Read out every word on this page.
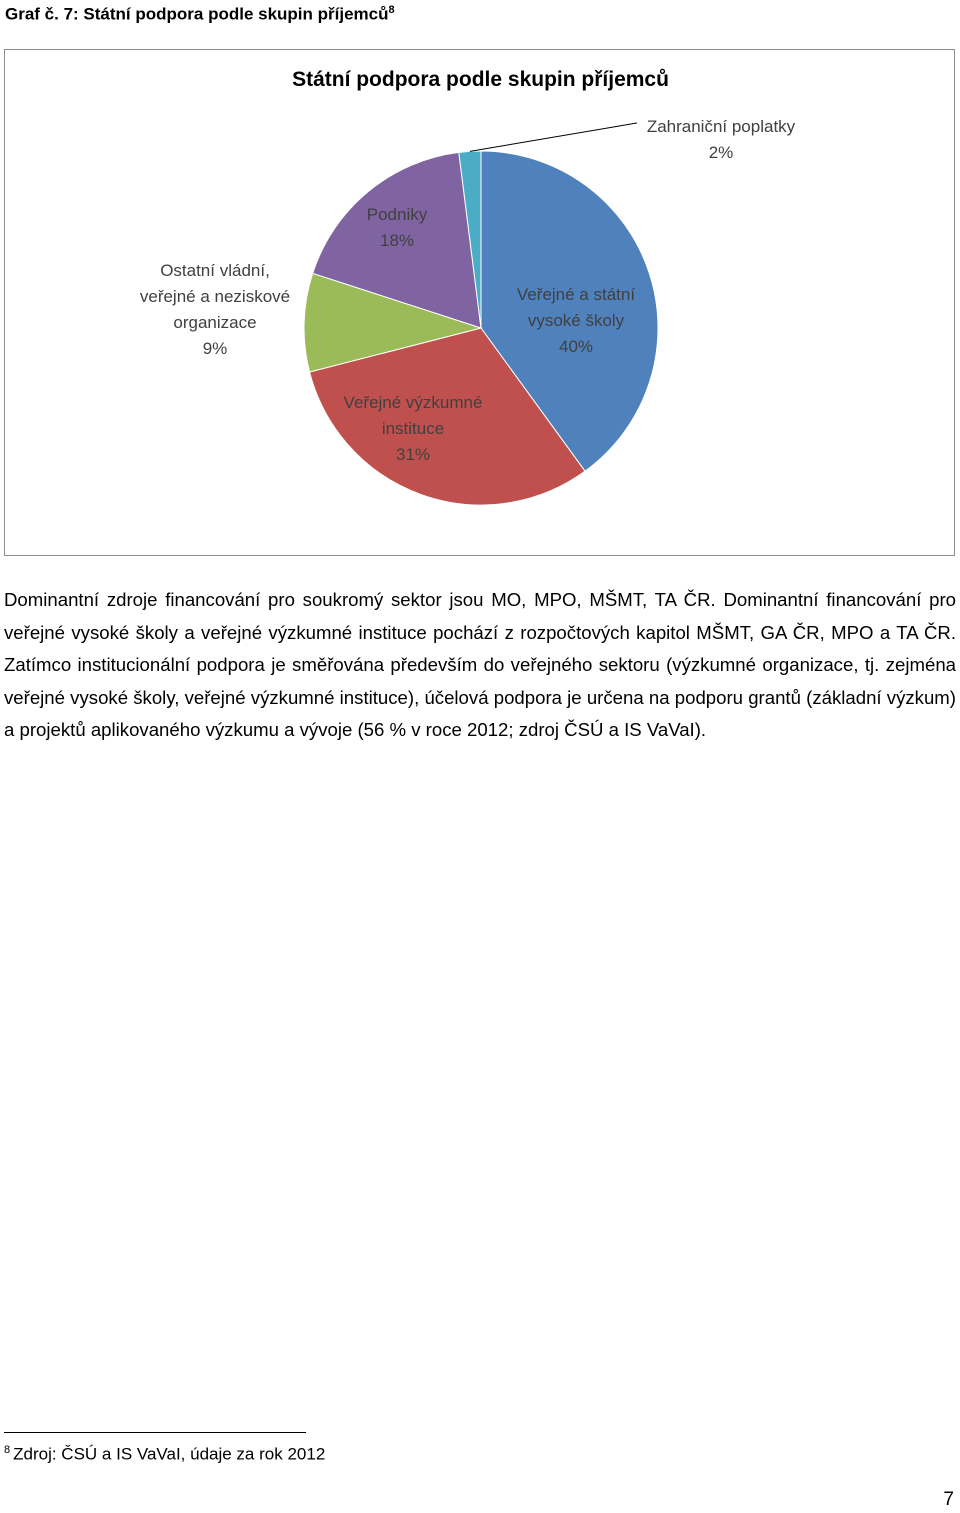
Graf č. 7: Státní podpora podle skupin příjemců$^8$
Státní podpora podle skupin příjemců
Veřejné a státní vysoké školy 40%
Veřejné výzkumné instituce 31%
Ostatní vládní, veřejné a neziskové organizace 9%
Podniky 18%
Zahraniční poplatky 2%

Dominantní zdroje financování pro soukromý sektor jsou MO, MPO, MŠMT, TA ČR. Dominantní financování pro veřejné vysoké školy a veřejné výzkumné instituce pochází z rozpočtových kapitol MŠMT, GA ČR, MPO a TA ČR. Zatímco institucionální podpora je směřována především do veřejného sektoru (výzkumné organizace, tj. zejména veřejné vysoké školy, veřejné výzkumné instituce), účelová podpora je určena na podporu grantů (základní výzkum) a projektů aplikovaného výzkumu a vývoje (56 % v roce 2012; zdroj ČSÚ a IS VaVaI).

$^8$ Zdroj: ČSÚ a IS VaVaI, údaje za rok 2012
7
